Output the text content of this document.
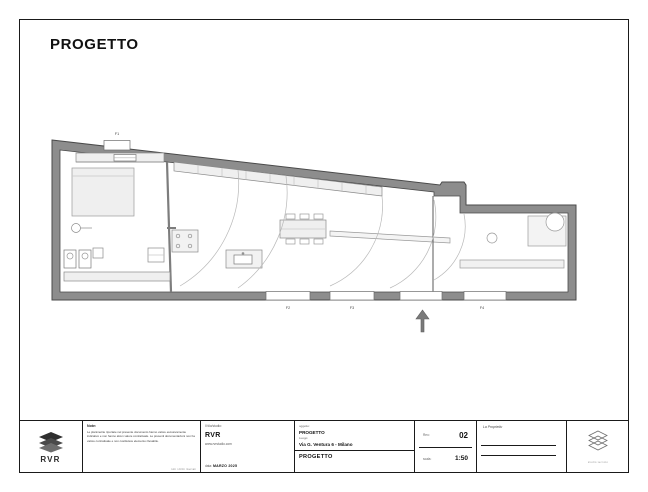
PROGETTO
F1
F2	F3	F4
RVR
Note:
Le planimetrie riportate nel presente documento hanno valore escusivamente indicativo e non hanno alcun valore contrattuale. Le presenti documentazioni non ha valore contrattuale e non costituisce elemento rilevabile.
tutti i diritti riservati
Il tilo/studio:
RVR
www.rvrstudio.com
data: MARZO 2025
oggetto:
PROGETTO
Luogo:
Via G. Ventura 6 - Milano
PROGETTO
Rev.:	02
scala:	1:50
La Proprietà:
studio tecnico
